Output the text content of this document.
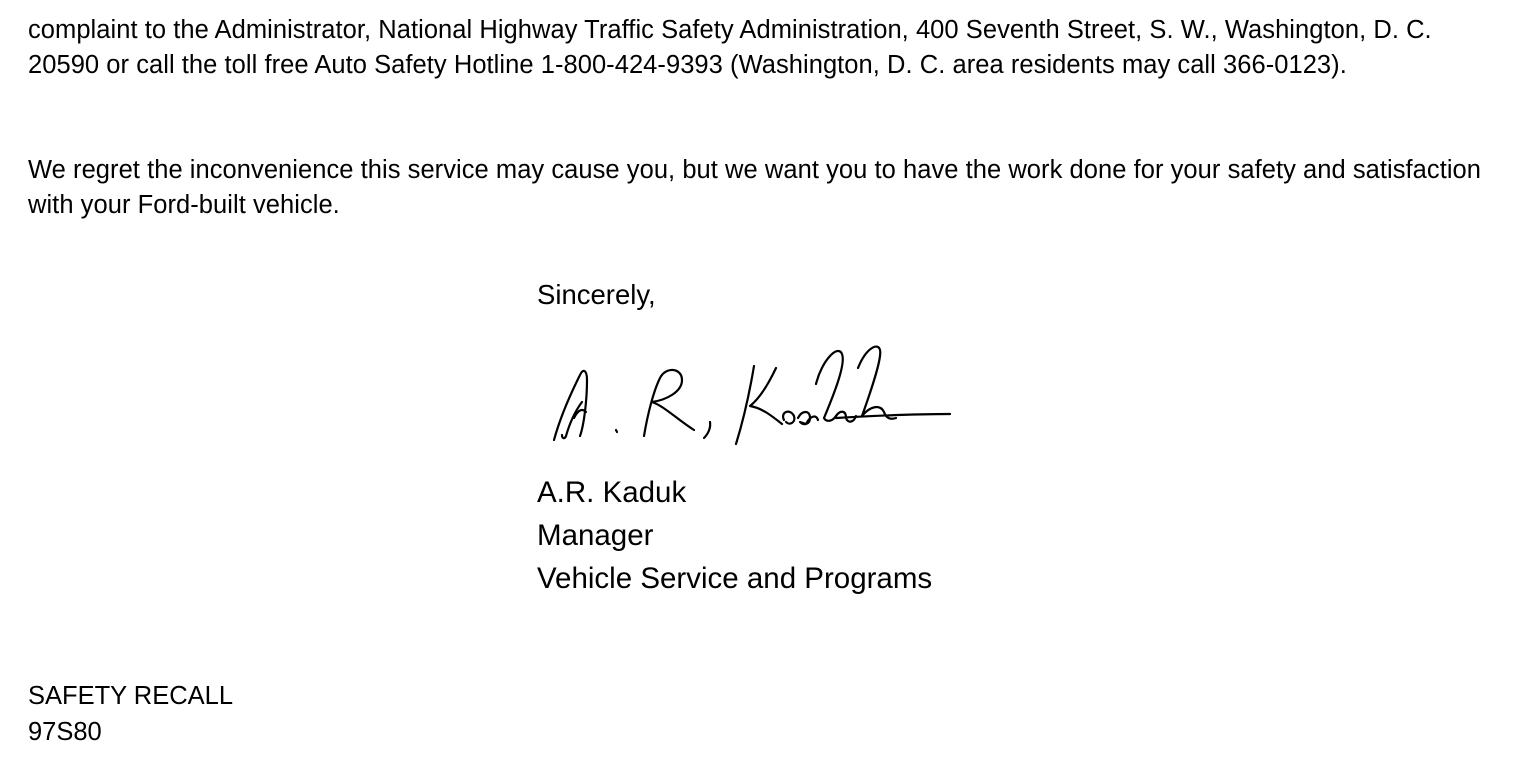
complaint to the Administrator, National Highway Traffic Safety Administration, 400 Seventh Street, S. W., Washington, D. C. 20590 or call the toll free Auto Safety Hotline 1-800-424-9393 (Washington, D. C. area residents may call 366-0123).

We regret the inconvenience this service may cause you, but we want you to have the work done for your safety and satisfaction with your Ford-built vehicle.

Sincerely,

A.R. Kaduk
Manager
Vehicle Service and Programs
SAFETY RECALL
97S80
